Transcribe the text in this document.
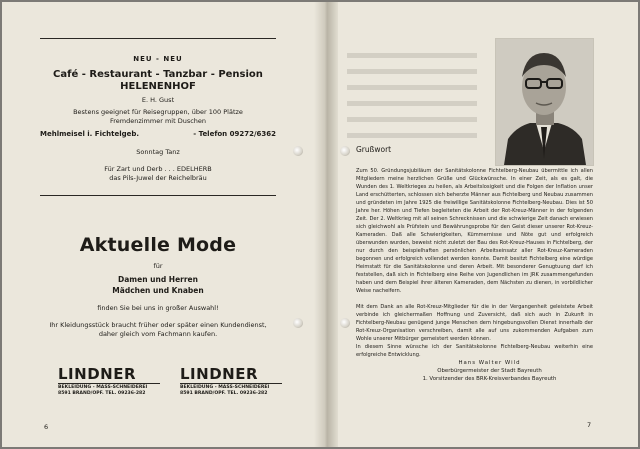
NEU - NEU
Café - Restaurant - Tanzbar - Pension
HELENENHOF
E. H. Gust
Bestens geeignet für Reisegruppen, über 100 Plätze
Fremdenzimmer mit Duschen
Mehlmeisel i. Fichtelgeb.	- Telefon 09272/6362
Sonntag Tanz
Für Zart und Derb . . . EDELHERB
das Pils-Juwel der Reichelbräu
Aktuelle Mode
für
Damen und Herren
Mädchen und Knaben
finden Sie bei uns in großer Auswahl!
Ihr Kleidungsstück braucht früher oder später einen Kundendienst,
daher gleich vom Fachmann kaufen.
LINDNER
BEKLEIDUNG - MASS-SCHNEIDEREI
8591 BRAND/OPF. TEL. 09236-282
LINDNER
BEKLEIDUNG - MASS-SCHNEIDEREI
8591 BRAND/OPF. TEL. 09236-282
6
Grußwort

Zum 50. Gründungsjubiläum der Sanitätskolonne Fichtelberg-Neubau übermittle ich allen Mitgliedern meine herzlichen Grüße und Glückwünsche. In einer Zeit, als es galt, die Wunden des 1. Weltkrieges zu heilen, als Arbeitslosigkeit und die Folgen der Inflation unser Land erschütterten, schlossen sich beherzte Männer aus Fichtelberg und Neubau zusammen und gründeten im Jahre 1925 die freiwillige Sanitätskolonne Fichtelberg-Neubau. Dies ist 50 Jahre her. Höhen und Tiefen begleiteten die Arbeit der Rot-Kreuz-Männer in der folgenden Zeit. Der 2. Weltkrieg mit all seinen Schrecknissen und die schwierige Zeit danach erwiesen sich gleichwohl als Prüfstein und Bewährungsprobe für den Geist dieser unserer Rot-Kreuz-Kameraden. Daß alle Schwierigkeiten, Kümmernisse und Nöte gut und erfolgreich überwunden wurden, beweist nicht zuletzt der Bau des Rot-Kreuz-Hauses in Fichtelberg, der nur durch den beispielhaften persönlichen Arbeitseinsatz aller Rot-Kreuz-Kameraden begonnen und erfolgreich vollendet werden konnte. Damit besitzt Fichtelberg eine würdige Heimstatt für die Sanitätskolonne und deren Arbeit. Mit besonderer Genugtuung darf ich feststellen, daß sich in Fichtelberg eine Reihe von Jugendlichen im JRK zusammengefunden haben und dem Beispiel ihrer älteren Kameraden, dem Nächsten zu dienen, in vorbildlicher Weise nacheifern.

Mit dem Dank an alle Rot-Kreuz-Mitglieder für die in der Vergangenheit geleistete Arbeit verbinde ich gleichermaßen Hoffnung und Zuversicht, daß sich auch in Zukunft in Fichtelberg-Neubau genügend junge Menschen dem hingebungsvollen Dienst innerhalb der Rot-Kreuz-Organisation verschreiben, damit alle auf uns zukommenden Aufgaben zum Wohle unserer Mitbürger gemeistert werden können.

In diesem Sinne wünsche ich der Sanitätskolonne Fichtelberg-Neubau weiterhin eine erfolgreiche Entwicklung.

Hans Walter Wild
Oberbürgermeister der Stadt Bayreuth
1. Vorsitzender des BRK-Kreisverbandes Bayreuth
7
